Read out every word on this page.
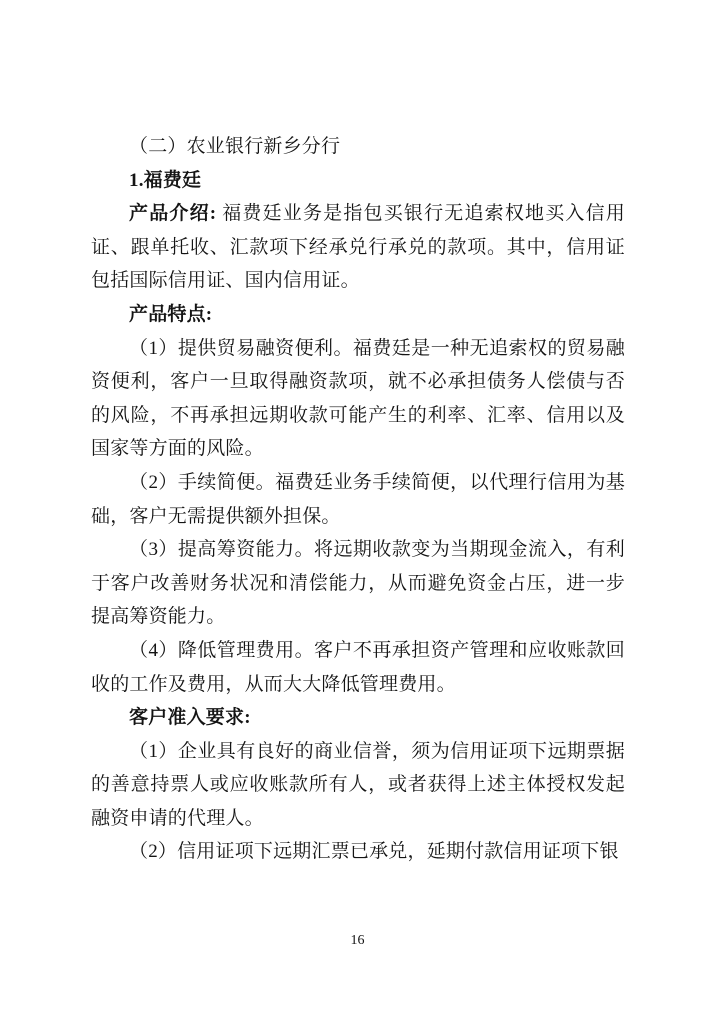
（二）农业银行新乡分行

1.福费廷

产品介绍: 福费廷业务是指包买银行无追索权地买入信用证、跟单托收、汇款项下经承兑行承兑的款项。其中，信用证包括国际信用证、国内信用证。

产品特点:

（1）提供贸易融资便利。福费廷是一种无追索权的贸易融资便利，客户一旦取得融资款项，就不必承担债务人偿债与否的风险，不再承担远期收款可能产生的利率、汇率、信用以及国家等方面的风险。

（2）手续简便。福费廷业务手续简便，以代理行信用为基础，客户无需提供额外担保。

（3）提高筹资能力。将远期收款变为当期现金流入，有利于客户改善财务状况和清偿能力，从而避免资金占压，进一步提高筹资能力。

（4）降低管理费用。客户不再承担资产管理和应收账款回收的工作及费用，从而大大降低管理费用。

客户准入要求:

（1）企业具有良好的商业信誉，须为信用证项下远期票据的善意持票人或应收账款所有人，或者获得上述主体授权发起融资申请的代理人。

（2）信用证项下远期汇票已承兑，延期付款信用证项下银

16
